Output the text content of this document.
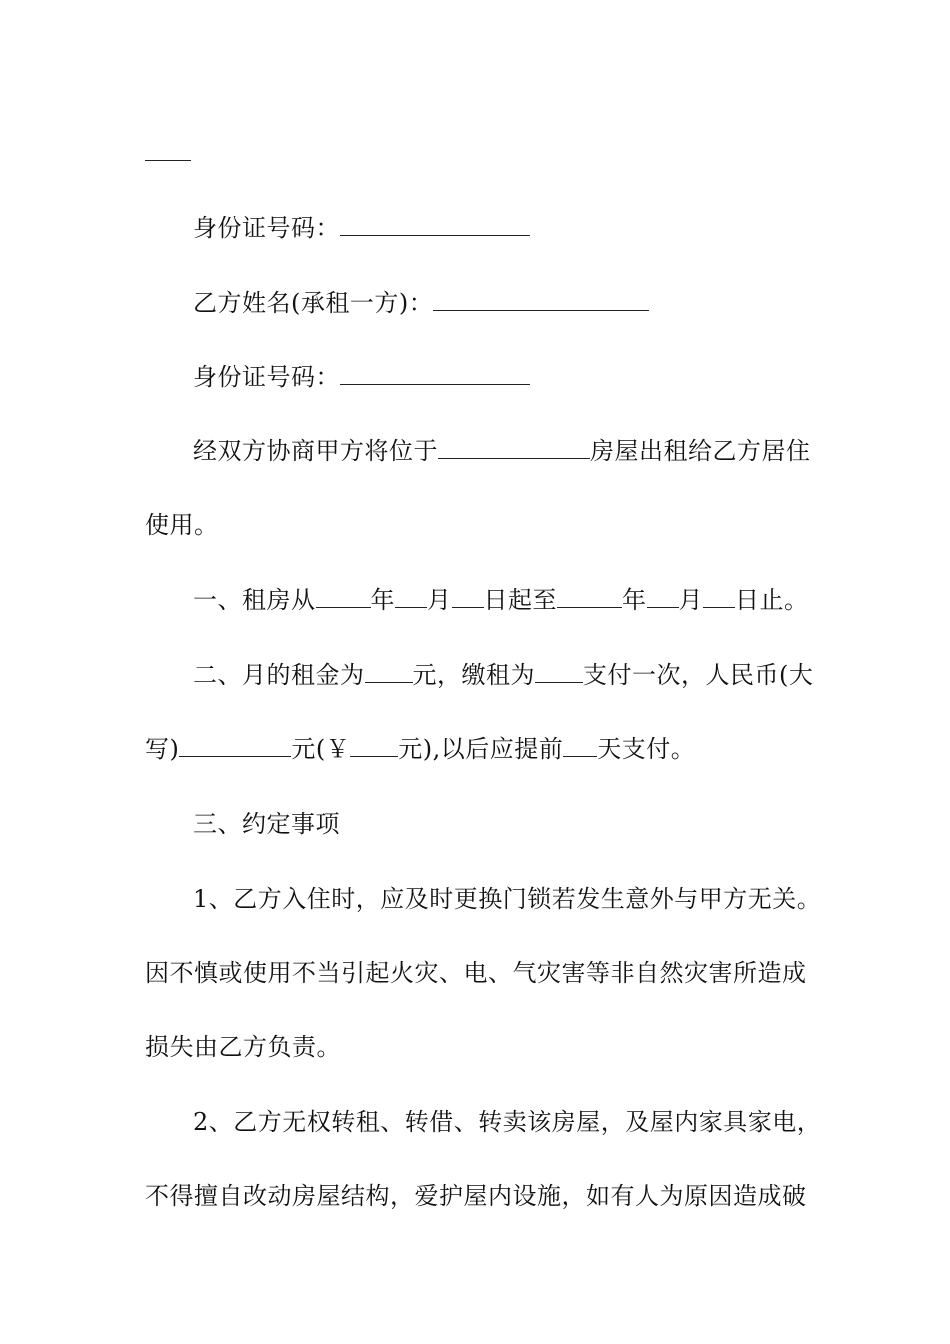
身份证号码：
乙方姓名(承租一方)：
身份证号码：
经双方协商甲方将位于	房屋出租给乙方居住
使用。
一、租房从 年 月 日起至	年 月 日止。
二、月的租金为 元，缴租为 支付一次，人民币(大
写)	元(￥ 元),以后应提前 天支付。
三、约定事项
1、乙方入住时，应及时更换门锁若发生意外与甲方无关。
因不慎或使用不当引起火灾、电、气灾害等非自然灾害所造成
损失由乙方负责。
2、乙方无权转租、转借、转卖该房屋，及屋内家具家电，
不得擅自改动房屋结构，爱护屋内设施，如有人为原因造成破
